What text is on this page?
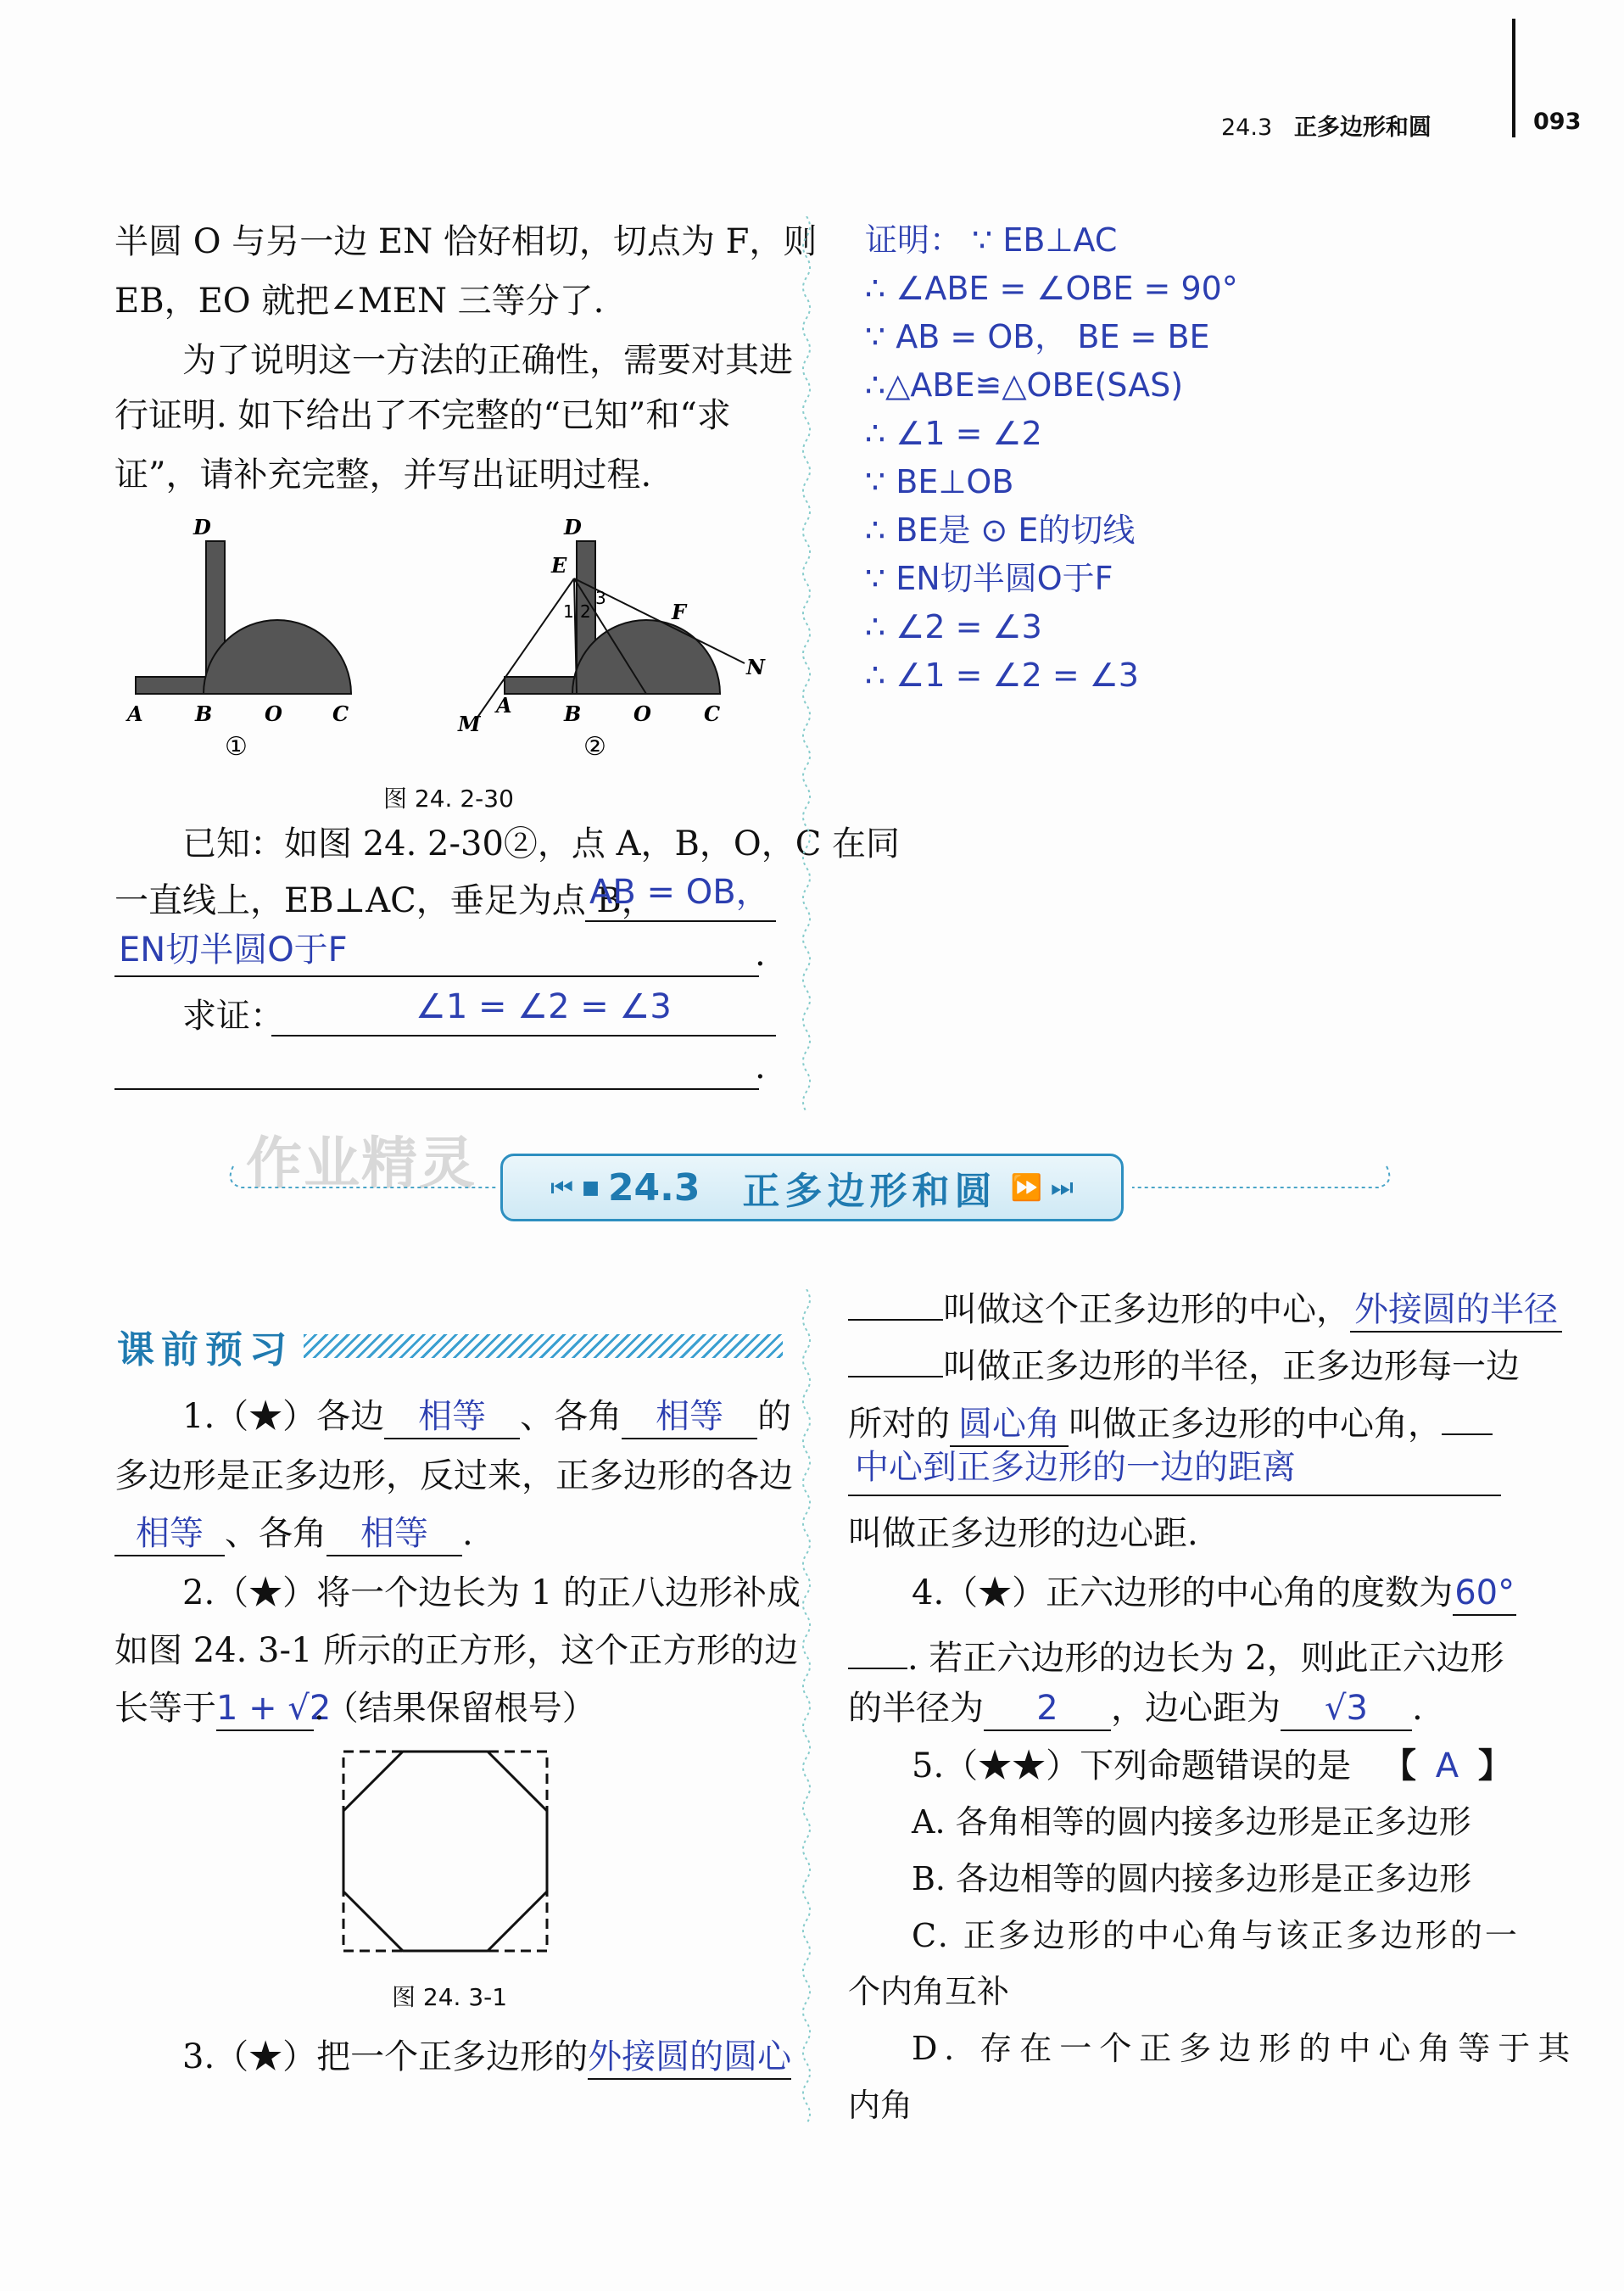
24.3 正多边形和圆	093
半圆 O 与另一边 EN 恰好相切，切点为 F，则
EB，EO 就把∠MEN 三等分了.
为了说明这一方法的正确性，需要对其进
行证明. 如下给出了不完整的“已知”和“求
证”，请补充完整，并写出证明过程.
D
A	B	O C
①
D
E
1 2
3
F
N
M
A	B	O	C
②
图 24. 2-30
已知：如图 24. 2-30②，点 A，B，O，C 在同
一直线上，EB⊥AC，垂足为点 B，
AB = OB，
EN切半圆O于F	.
求证：	∠1 = ∠2 = ∠3
.
证明： ∵ EB⊥AC
∴ ∠ABE = ∠OBE = 90°
∵ AB = OB， BE = BE
∴△ABE≌△OBE(SAS)
∴ ∠1 = ∠2
∵ BE⊥OB
∴ BE是 ⊙ E的切线
∵ EN切半圆O于F
∴ ∠2 = ∠3
∴ ∠1 = ∠2 = ∠3
作业精灵	⏮ ■ 24.3 正多边形和圆 ⏩ ⏭
课前预习
1.（★）各边 相等 、各角 相等 的
多边形是正多边形，反过来，正多边形的各边
相等 、各角 相等 .
2.（★）将一个边长为 1 的正八边形补成
如图 24. 3-1 所示的正方形，这个正方形的边
长等于1 + √2.（结果保留根号）
图 24. 3-1
3.（★）把一个正多边形的外接圆的圆心
叫做这个正多边形的中心， 外接圆的半径
叫做正多边形的半径，正多边形每一边
所对的 圆心角 叫做正多边形的中心角，
中心到正多边形的一边的距离
叫做正多边形的边心距.
4.（★）正六边形的中心角的度数为60°
. 若正六边形的边长为 2，则此正六边形
的半径为 2 ，边心距为 √3 .
5.（★★）下列命题错误的是 【 A 】
A. 各角相等的圆内接多边形是正多边形
B. 各边相等的圆内接多边形是正多边形
C. 正多边形的中心角与该正多边形的一
个内角互补
D. 存在一个正多边形的中心角等于其
内角
